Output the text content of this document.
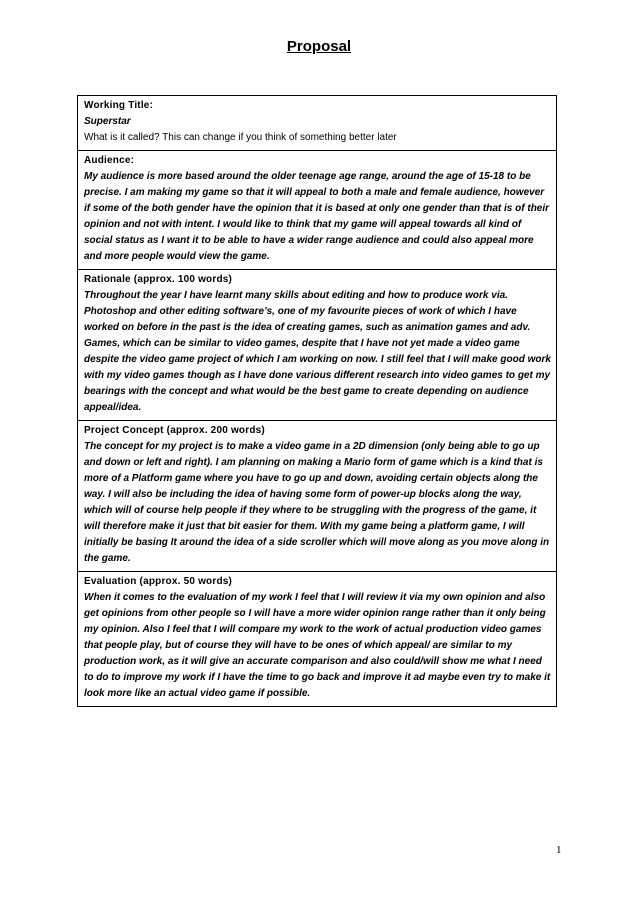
Proposal
Working Title:
Superstar
What is it called? This can change if you think of something better later

Audience:
My audience is more based around the older teenage age range, around the age of 15-18 to be precise. I am making my game so that it will appeal to both a male and female audience, however if some of the both gender have the opinion that it is based at only one gender than that is of their opinion and not with intent. I would like to think that my game will appeal towards all kind of social status as I want it to be able to have a wider range audience and could also appeal more and more people would view the game.

Rationale (approx. 100 words)
Throughout the year I have learnt many skills about editing and how to produce work via. Photoshop and other editing software’s, one of my favourite pieces of work of which I have worked on before in the past is the idea of creating games, such as animation games and adv. Games, which can be similar to video games, despite that I have not yet made a video game despite the video game project of which I am working on now. I still feel that I will make good work with my video games though as I have done various different research into video games to get my bearings with the concept and what would be the best game to create depending on audience appeal/idea.

Project Concept (approx. 200 words)
The concept for my project is to make a video game in a 2D dimension (only being able to go up and down or left and right). I am planning on making a Mario form of game which is a kind that is more of a Platform game where you have to go up and down, avoiding certain objects along the way. I will also be including the idea of having some form of power-up blocks along the way, which will of course help people if they where to be struggling with the progress of the game, it will therefore make it just that bit easier for them. With my game being a platform game, I will initially be basing It around the idea of a side scroller which will move along as you move along in the game.

Evaluation (approx. 50 words)
When it comes to the evaluation of my work I feel that I will review it via my own opinion and also get opinions from other people so I will have a more wider opinion range rather than it only being my opinion. Also I feel that I will compare my work to the work of actual production video games that people play, but of course they will have to be ones of which appeal/ are similar to my production work, as it will give an accurate comparison and also could/will show me what I need to do to improve my work if I have the time to go back and improve it ad maybe even try to make it look more like an actual video game if possible.
1
